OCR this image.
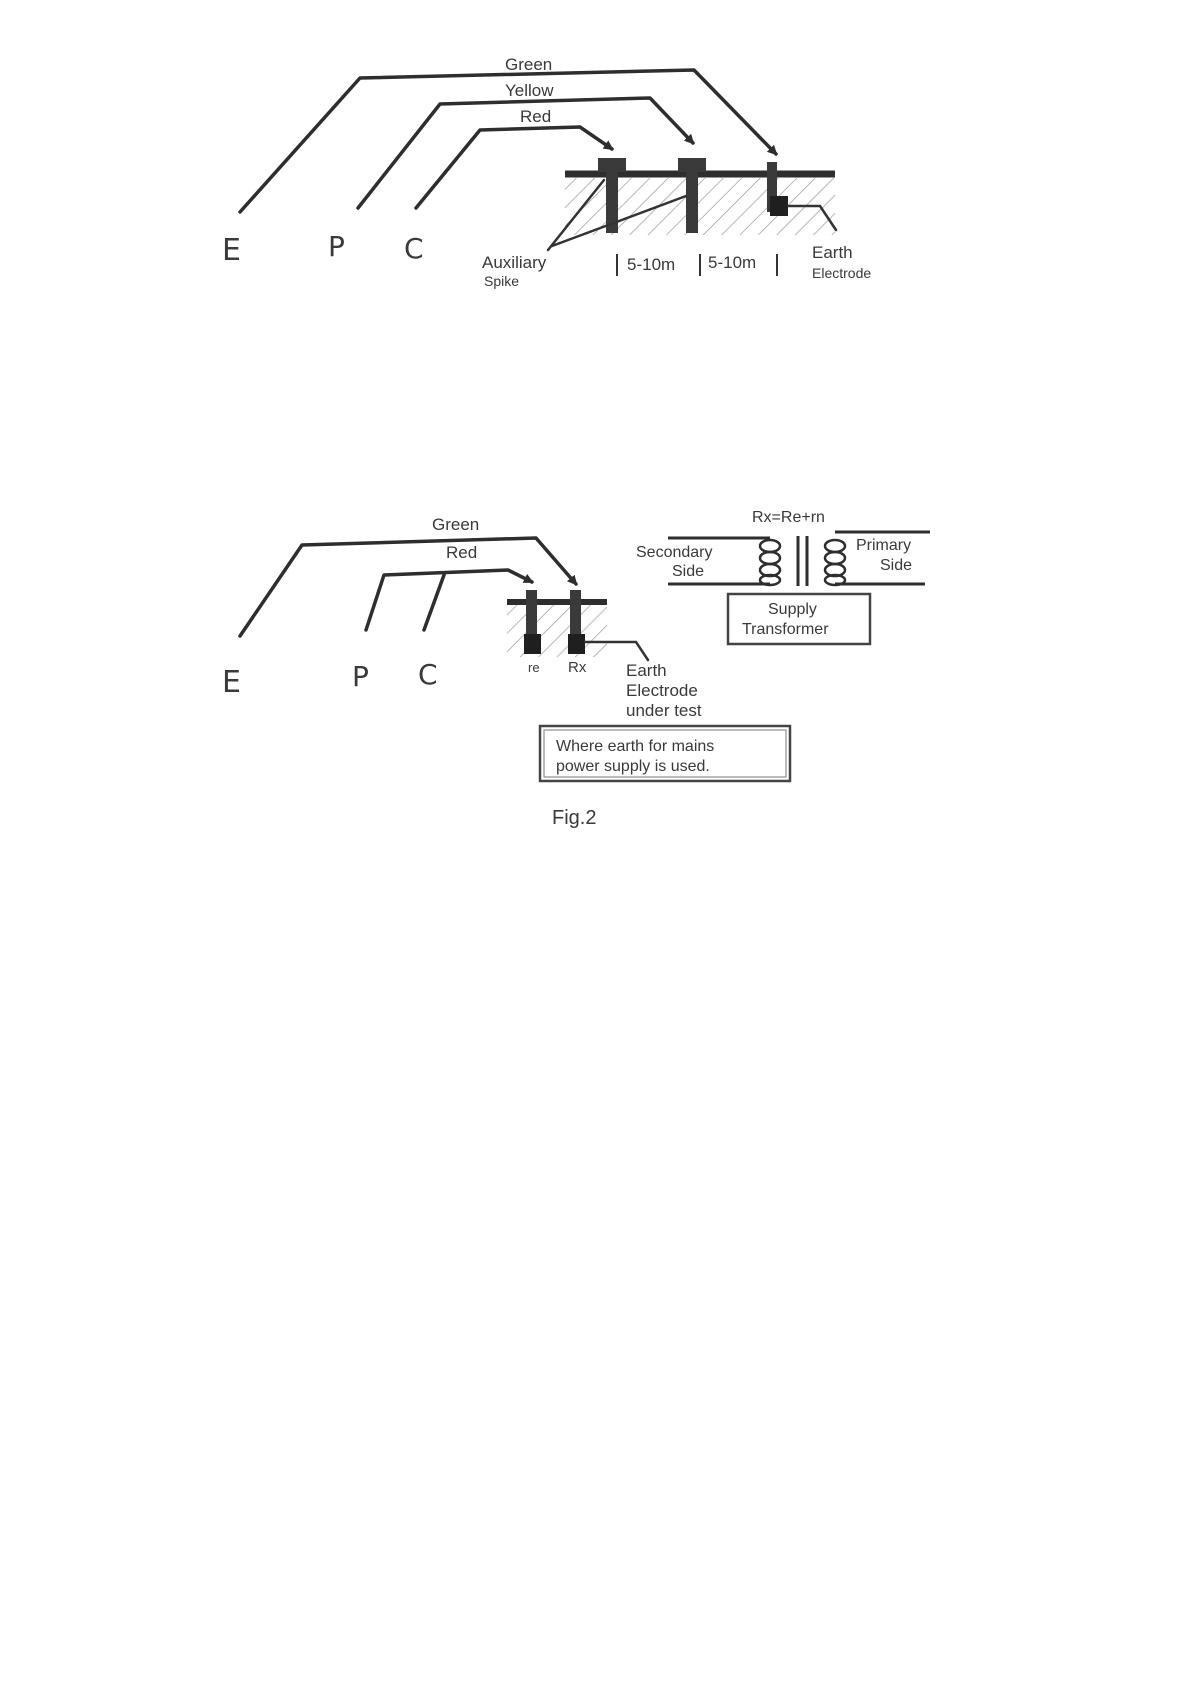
Green
Yellow
Red
E	P C	Auxiliary
Spike
5-10m 5-10m
Earth
Electrode
Green
Red
E	P C	re Rx Earth
Electrode
under test
Where earth for mains
power supply is used.
Rx=Re+rn
Secondary
Side
Primary
Side
Supply
Transformer
Fig.2
